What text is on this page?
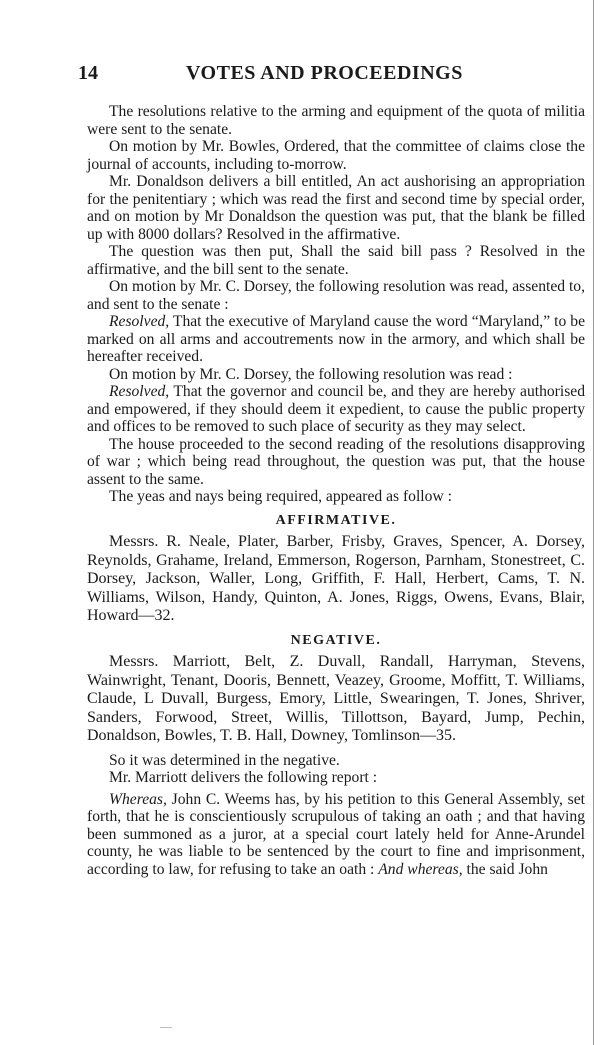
14	VOTES AND PROCEEDINGS

The resolutions relative to the arming and equipment of the quota of militia were sent to the senate.

On motion by Mr. Bowles, Ordered, that the committee of claims close the journal of accounts, including to-morrow.

Mr. Donaldson delivers a bill entitled, An act aushorising an appropriation for the penitentiary ; which was read the first and second time by special order, and on motion by Mr Donaldson the question was put, that the blank be filled up with 8000 dollars? Resolved in the affirmative.

The question was then put, Shall the said bill pass ? Resolved in the affirmative, and the bill sent to the senate.

On motion by Mr. C. Dorsey, the following resolution was read, assented to, and sent to the senate :

Resolved, That the executive of Maryland cause the word “Maryland,” to be marked on all arms and accoutrements now in the armory, and which shall be hereafter received.

On motion by Mr. C. Dorsey, the following resolution was read :

Resolved, That the governor and council be, and they are hereby authorised and empowered, if they should deem it expedient, to cause the public property and offices to be removed to such place of security as they may select.

The house proceeded to the second reading of the resolutions disapproving of war ; which being read throughout, the question was put, that the house assent to the same.

The yeas and nays being required, appeared as follow :

AFFIRMATIVE.

Messrs. R. Neale, Plater, Barber, Frisby, Graves, Spencer, A. Dorsey, Reynolds, Grahame, Ireland, Emmerson, Rogerson, Parnham, Stonestreet, C. Dorsey, Jackson, Waller, Long, Griffith, F. Hall, Herbert, Cams, T. N. Williams, Wilson, Handy, Quinton, A. Jones, Riggs, Owens, Evans, Blair, Howard—32.

NEGATIVE.

Messrs. Marriott, Belt, Z. Duvall, Randall, Harryman, Stevens, Wainwright, Tenant, Dooris, Bennett, Veazey, Groome, Moffitt, T. Williams, Claude, L Duvall, Burgess, Emory, Little, Swearingen, T. Jones, Shriver, Sanders, Forwood, Street, Willis, Tillottson, Bayard, Jump, Pechin, Donaldson, Bowles, T. B. Hall, Downey, Tomlinson—35.

So it was determined in the negative.

Mr. Marriott delivers the following report :

Whereas, John C. Weems has, by his petition to this General Assembly, set forth, that he is conscientiously scrupulous of taking an oath ; and that having been summoned as a juror, at a special court lately held for Anne-Arundel county, he was liable to be sentenced by the court to fine and imprisonment, according to law, for refusing to take an oath : And whereas, the said John
